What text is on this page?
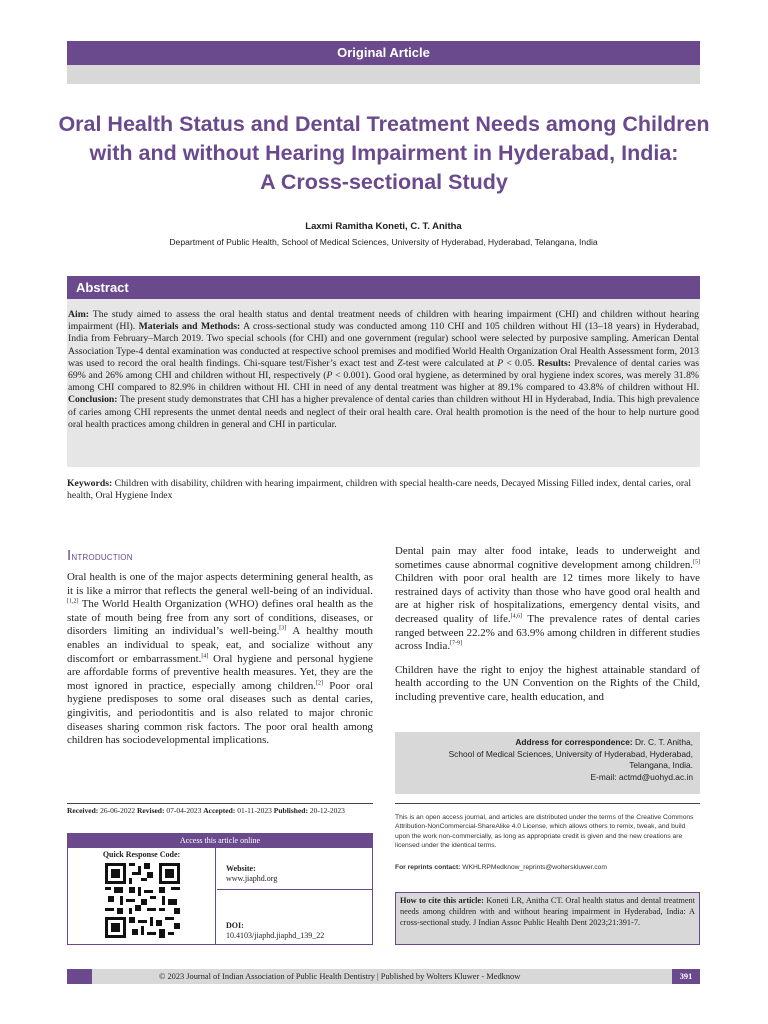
Original Article
Oral Health Status and Dental Treatment Needs among Children
with and without Hearing Impairment in Hyderabad, India:
A Cross-sectional Study
Laxmi Ramitha Koneti, C. T. Anitha
Department of Public Health, School of Medical Sciences, University of Hyderabad, Hyderabad, Telangana, India
Abstract
Aim: The study aimed to assess the oral health status and dental treatment needs of children with hearing impairment (CHI) and children without hearing impairment (HI). Materials and Methods: A cross-sectional study was conducted among 110 CHI and 105 children without HI (13–18 years) in Hyderabad, India from February–March 2019. Two special schools (for CHI) and one government (regular) school were selected by purposive sampling. American Dental Association Type-4 dental examination was conducted at respective school premises and modified World Health Organization Oral Health Assessment form, 2013 was used to record the oral health findings. Chi-square test/Fisher’s exact test and Z-test were calculated at P < 0.05. Results: Prevalence of dental caries was 69% and 26% among CHI and children without HI, respectively (P < 0.001). Good oral hygiene, as determined by oral hygiene index scores, was merely 31.8% among CHI compared to 82.9% in children without HI. CHI in need of any dental treatment was higher at 89.1% compared to 43.8% of children without HI. Conclusion: The present study demonstrates that CHI has a higher prevalence of dental caries than children without HI in Hyderabad, India. This high prevalence of caries among CHI represents the unmet dental needs and neglect of their oral health care. Oral health promotion is the need of the hour to help nurture good oral health practices among children in general and CHI in particular.
Keywords: Children with disability, children with hearing impairment, children with special health-care needs, Decayed Missing Filled index, dental caries, oral health, Oral Hygiene Index
Introduction

Oral health is one of the major aspects determining general health, as it is like a mirror that reflects the general well-being of an individual.[1,2] The World Health Organization (WHO) defines oral health as the state of mouth being free from any sort of conditions, diseases, or disorders limiting an individual’s well-being.[3] A healthy mouth enables an individual to speak, eat, and socialize without any discomfort or embarrassment.[4] Oral hygiene and personal hygiene are affordable forms of preventive health measures. Yet, they are the most ignored in practice, especially among children.[2] Poor oral hygiene predisposes to some oral diseases such as dental caries, gingivitis, and periodontitis and is also related to major chronic diseases sharing common risk factors. The poor oral health among children has sociodevelopmental implications.

Dental pain may alter food intake, leads to underweight and sometimes cause abnormal cognitive development among children.[5] Children with poor oral health are 12 times more likely to have restrained days of activity than those who have good oral health and are at higher risk of hospitalizations, emergency dental visits, and decreased quality of life.[4,6] The prevalence rates of dental caries ranged between 22.2% and 63.9% among children in different studies across India.[7-9]

Children have the right to enjoy the highest attainable standard of health according to the UN Convention on the Rights of the Child, including preventive care, health education, and

Address for correspondence: Dr. C. T. Anitha,
School of Medical Sciences, University of Hyderabad, Hyderabad,
Telangana, India.
E-mail: actmd@uohyd.ac.in
Received: 26-06-2022 Revised: 07-04-2023 Accepted: 01-11-2023 Published: 20-12-2023
Access this article online
Quick Response Code:
Website:
www.jiaphd.org
DOI:
10.4103/jiaphd.jiaphd_139_22
This is an open access journal, and articles are distributed under the terms of the Creative Commons Attribution-NonCommercial-ShareAlike 4.0 License, which allows others to remix, tweak, and build upon the work non-commercially, as long as appropriate credit is given and the new creations are licensed under the identical terms.
For reprints contact: WKHLRPMedknow_reprints@wolterskluwer.com
How to cite this article: Koneti LR, Anitha CT. Oral health status and dental treatment needs among children with and without hearing impairment in Hyderabad, India: A cross-sectional study. J Indian Assoc Public Health Dent 2023;21:391-7.
© 2023 Journal of Indian Association of Public Health Dentistry | Published by Wolters Kluwer - Medknow	391
